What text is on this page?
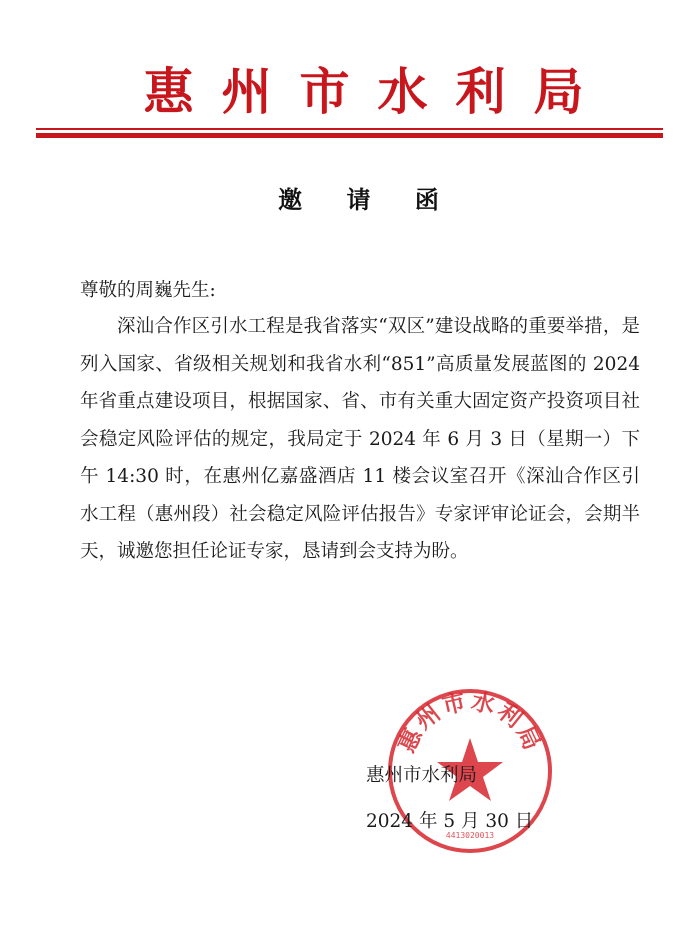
惠州市水利局
邀 请 函
尊敬的周巍先生:

深汕合作区引水工程是我省落实“双区”建设战略的重要举措，是列入国家、省级相关规划和我省水利“851”高质量发展蓝图的 2024 年省重点建设项目，根据国家、省、市有关重大固定资产投资项目社会稳定风险评估的规定，我局定于 2024 年 6 月 3 日（星期一）下午 14:30 时，在惠州亿嘉盛酒店 11 楼会议室召开《深汕合作区引水工程（惠州段）社会稳定风险评估报告》专家评审论证会，会期半天，诚邀您担任论证专家，恳请到会支持为盼。

惠州市水利局
4413020013
惠州市水利局
2024 年 5 月 30 日
